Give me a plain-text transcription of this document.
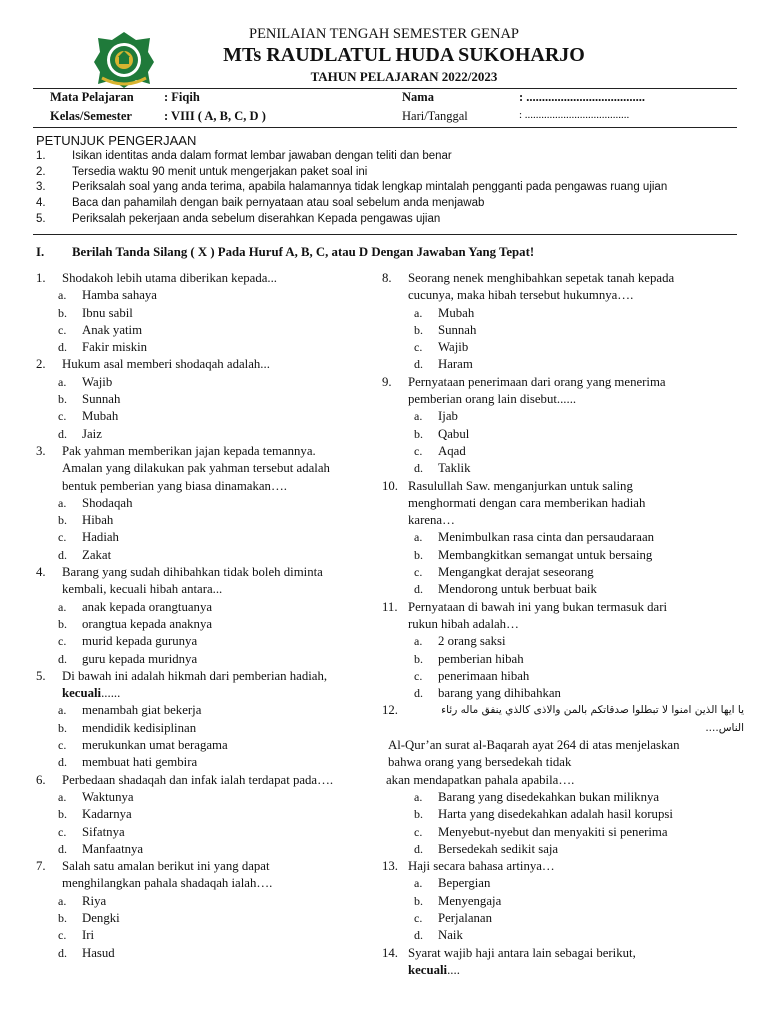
PENILAIAN TENGAH SEMESTER GENAP
MTs RAUDLATUL HUDA SUKOHARJO
TAHUN PELAJARAN 2022/2023
Mata Pelajaran : Fiqih	Nama	: ......................................
Kelas/Semester	: VIII ( A, B, C, D )	Hari/Tanggal	: ......................................
PETUNJUK PENGERJAAN
1. Isikan identitas anda dalam format lembar jawaban dengan teliti dan benar
2. Tersedia waktu 90 menit untuk mengerjakan paket soal ini
3. Periksalah soal yang anda terima, apabila halamannya tidak lengkap mintalah pengganti pada pengawas ruang ujian
4. Baca dan pahamilah dengan baik pernyataan atau soal sebelum anda menjawab
5. Periksalah pekerjaan anda sebelum diserahkan Kepada pengawas ujian
I. Berilah Tanda Silang ( X ) Pada Huruf A, B, C, atau D Dengan Jawaban Yang Tepat!
1. Shodakoh lebih utama diberikan kepada...
a. Hamba sahaya
b. Ibnu sabil
c. Anak yatim
d. Fakir miskin
2. Hukum asal memberi shodaqah adalah...
a. Wajib
b. Sunnah
c. Mubah
d. Jaiz
3. Pak yahman memberikan jajan kepada temannya.
Amalan yang dilakukan pak yahman tersebut adalah
bentuk pemberian yang biasa dinamakan….
a. Shodaqah
b. Hibah
c. Hadiah
d. Zakat
4. Barang yang sudah dihibahkan tidak boleh diminta
kembali, kecuali hibah antara...
a. anak kepada orangtuanya
b. orangtua kepada anaknya
c. murid kepada gurunya
d. guru kepada muridnya
5. Di bawah ini adalah hikmah dari pemberian hadiah,
kecuali......
a. menambah giat bekerja
b. mendidik kedisiplinan
c. merukunkan umat beragama
d. membuat hati gembira
6. Perbedaan shadaqah dan infak ialah terdapat pada….
a. Waktunya
b. Kadarnya
c. Sifatnya
d. Manfaatnya
7. Salah satu amalan berikut ini yang dapat
menghilangkan pahala shadaqah ialah….
a. Riya
b. Dengki
c. Iri
d. Hasud
8. Seorang nenek menghibahkan sepetak tanah kepada
cucunya, maka hibah tersebut hukumnya….
a. Mubah
b. Sunnah
c. Wajib
d. Haram
9. Pernyataan penerimaan dari orang yang menerima
pemberian orang lain disebut......
a. Ijab
b. Qabul
c. Aqad
d. Taklik
10. Rasulullah Saw. menganjurkan untuk saling
menghormati dengan cara memberikan hadiah
karena…
a. Menimbulkan rasa cinta dan persaudaraan
b. Membangkitkan semangat untuk bersaing
c. Mengangkat derajat seseorang
d. Mendorong untuk berbuat baik
11. Pernyataan di bawah ini yang bukan termasuk dari
rukun hibah adalah…
a. 2 orang saksi
b. pemberian hibah
c. penerimaan hibah
d. barang yang dihibahkan
12.	يا ايها الذين امنوا لا تبطلوا صدقاتكم بالمن والاذى كالذي ينفق ماله رئاء الناس....
Al-Qur’an surat al-Baqarah ayat 264 di atas menjelaskan
bahwa orang yang bersedekah tidak
akan mendapatkan pahala apabila….
a. Barang yang disedekahkan bukan miliknya
b. Harta yang disedekahkan adalah hasil korupsi
c. Menyebut-nyebut dan menyakiti si penerima
d. Bersedekah sedikit saja
13. Haji secara bahasa artinya…
a. Bepergian
b. Menyengaja
c. Perjalanan
d. Naik
14. Syarat wajib haji antara lain sebagai berikut,
kecuali....
